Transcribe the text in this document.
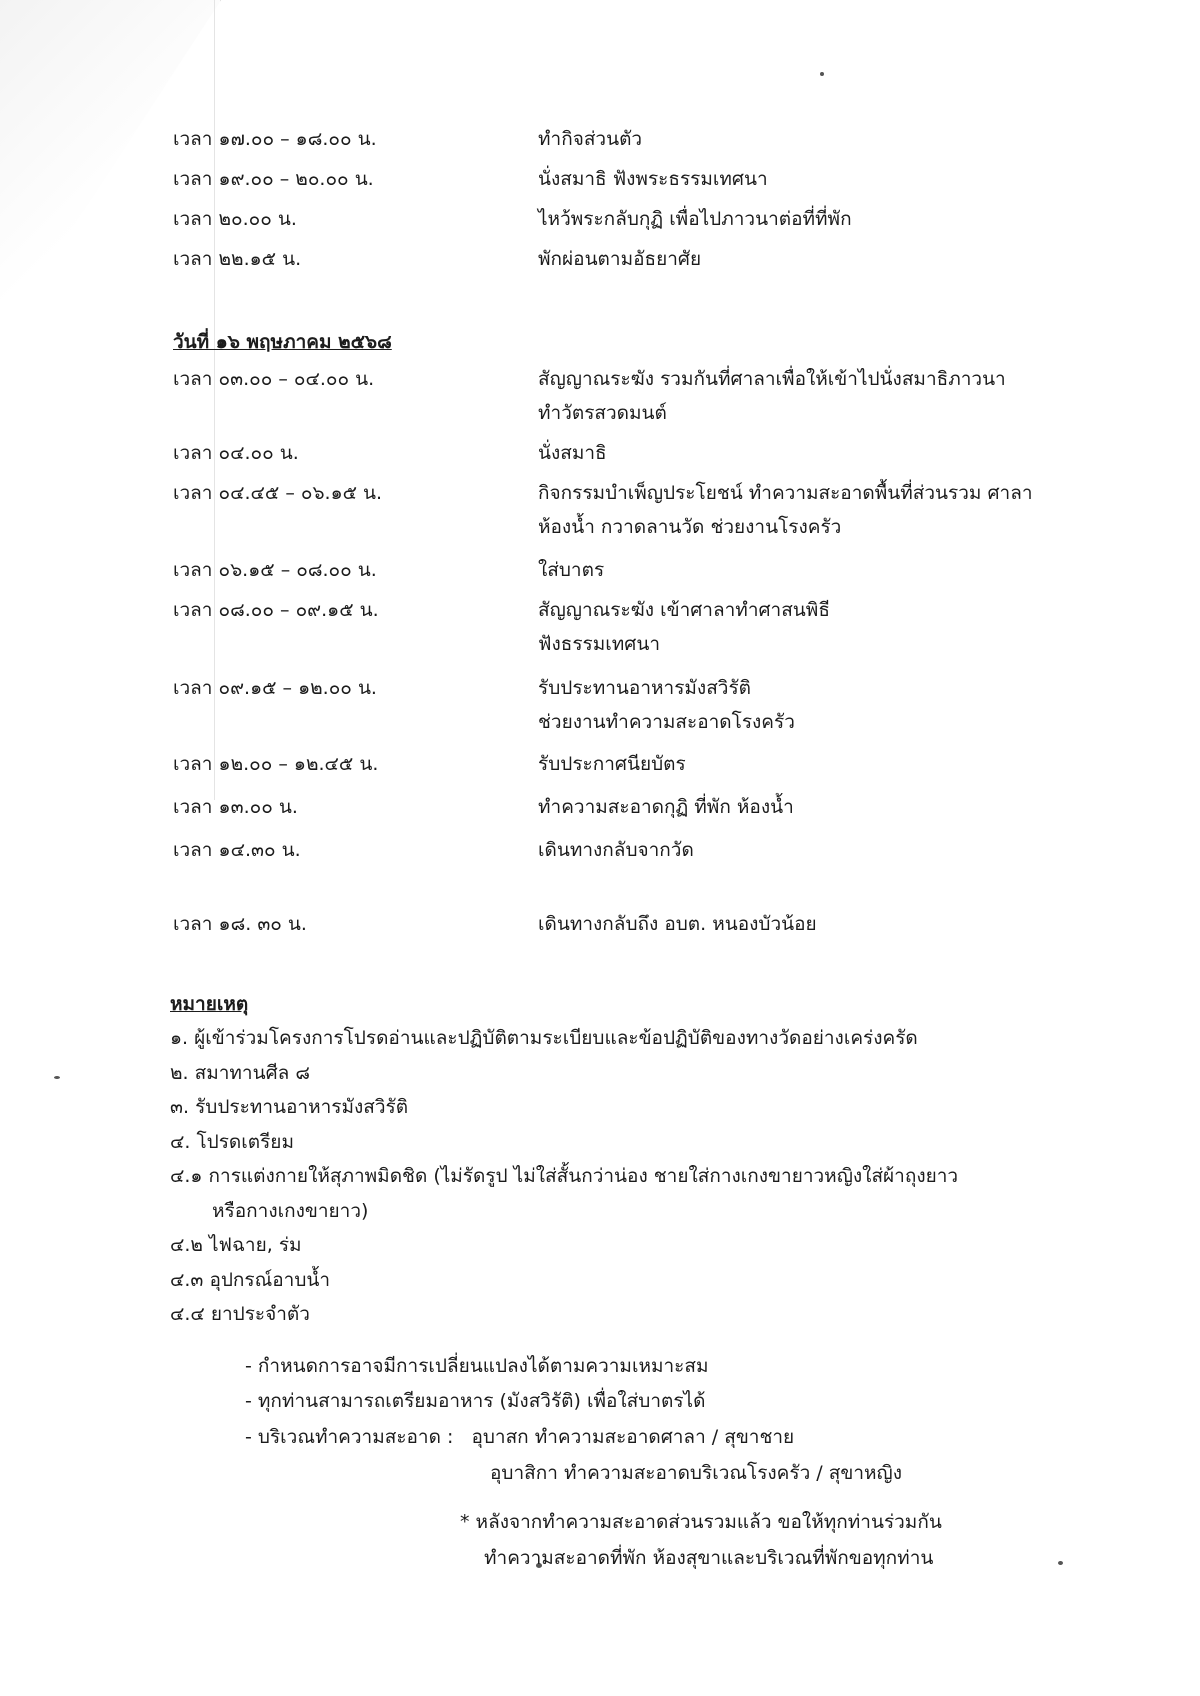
เวลา ๑๗.๐๐ – ๑๘.๐๐ น.	ทำกิจส่วนตัว
เวลา ๑๙.๐๐ – ๒๐.๐๐ น.	นั่งสมาธิ ฟังพระธรรมเทศนา
เวลา ๒๐.๐๐ น.	ไหว้พระกลับกุฏิ เพื่อไปภาวนาต่อที่ที่พัก
เวลา ๒๒.๑๕ น.	พักผ่อนตามอัธยาศัย
วันที่ ๑๖ พฤษภาคม ๒๕๖๘
เวลา ๐๓.๐๐ – ๐๔.๐๐ น.	สัญญาณระฆัง รวมกันที่ศาลาเพื่อให้เข้าไปนั่งสมาธิภาวนา
ทำวัตรสวดมนต์
เวลา ๐๔.๐๐ น.	นั่งสมาธิ
เวลา ๐๔.๔๕ – ๐๖.๑๕ น.	กิจกรรมบำเพ็ญประโยชน์ ทำความสะอาดพื้นที่ส่วนรวม ศาลา
ห้องน้ำ กวาดลานวัด ช่วยงานโรงครัว
เวลา ๐๖.๑๕ – ๐๘.๐๐ น.	ใส่บาตร
เวลา ๐๘.๐๐ – ๐๙.๑๕ น.	สัญญาณระฆัง เข้าศาลาทำศาสนพิธี
ฟังธรรมเทศนา
เวลา ๐๙.๑๕ – ๑๒.๐๐ น.	รับประทานอาหารมังสวิรัติ
ช่วยงานทำความสะอาดโรงครัว
เวลา ๑๒.๐๐ – ๑๒.๔๕ น.	รับประกาศนียบัตร
เวลา ๑๓.๐๐ น.	ทำความสะอาดกุฏิ ที่พัก ห้องน้ำ
เวลา ๑๔.๓๐ น.	เดินทางกลับจากวัด
เวลา ๑๘. ๓๐ น.	เดินทางกลับถึง อบต. หนองบัวน้อย
หมายเหตุ
๑. ผู้เข้าร่วมโครงการโปรดอ่านและปฏิบัติตามระเบียบและข้อปฏิบัติของทางวัดอย่างเคร่งครัด
๒. สมาทานศีล ๘
๓. รับประทานอาหารมังสวิรัติ
๔. โปรดเตรียม
๔.๑ การแต่งกายให้สุภาพมิดชิด (ไม่รัดรูป ไม่ใส่สั้นกว่าน่อง ชายใส่กางเกงขายาวหญิงใส่ผ้าถุงยาว
หรือกางเกงขายาว)
๔.๒ ไฟฉาย, ร่ม
๔.๓ อุปกรณ์อาบน้ำ
๔.๔ ยาประจำตัว
- กำหนดการอาจมีการเปลี่ยนแปลงได้ตามความเหมาะสม
- ทุกท่านสามารถเตรียมอาหาร (มังสวิรัติ) เพื่อใส่บาตรได้
- บริเวณทำความสะอาด : อุบาสก ทำความสะอาดศาลา / สุขาชาย
อุบาสิกา ทำความสะอาดบริเวณโรงครัว / สุขาหญิง
* หลังจากทำความสะอาดส่วนรวมแล้ว ขอให้ทุกท่านร่วมกัน
ทำความสะอาดที่พัก ห้องสุขาและบริเวณที่พักขอทุกท่าน
